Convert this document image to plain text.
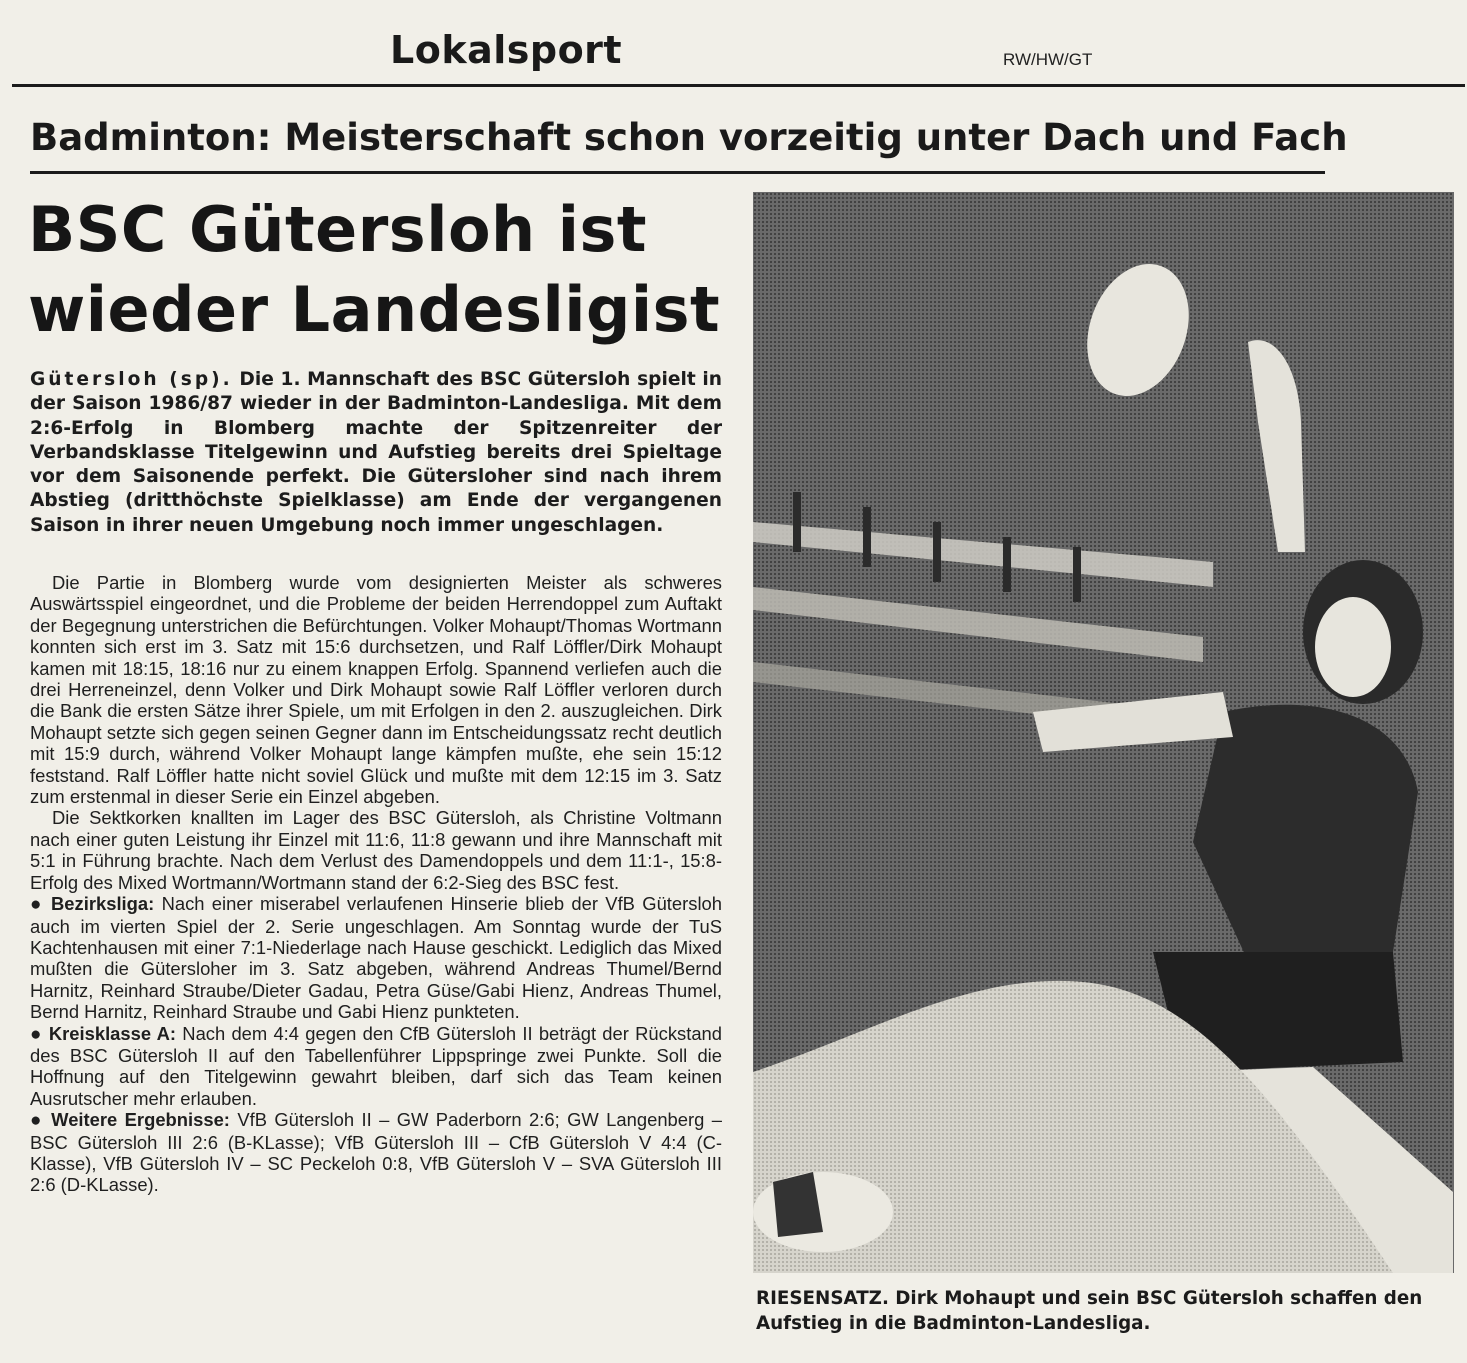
Lokalsport	RW/HW/GT
Badminton: Meisterschaft schon vorzeitig unter Dach und Fach
BSC Gütersloh ist
wieder Landesligist
Gütersloh (sp). Die 1. Mannschaft des BSC Gütersloh spielt in der Saison 1986/87 wieder in der Badminton-Landesliga. Mit dem 2:6-Erfolg in Blomberg machte der Spitzenreiter der Verbandsklasse Titelgewinn und Aufstieg bereits drei Spieltage vor dem Saisonende perfekt. Die Gütersloher sind nach ihrem Abstieg (dritthöchste Spielklasse) am Ende der vergangenen Saison in ihrer neuen Umgebung noch immer ungeschlagen.

Die Partie in Blomberg wurde vom designierten Meister als schweres Auswärtsspiel eingeordnet, und die Probleme der beiden Herrendoppel zum Auftakt der Begegnung unterstrichen die Befürchtungen. Volker Mohaupt/Thomas Wortmann konnten sich erst im 3. Satz mit 15:6 durchsetzen, und Ralf Löffler/Dirk Mohaupt kamen mit 18:15, 18:16 nur zu einem knappen Erfolg. Spannend verliefen auch die drei Herreneinzel, denn Volker und Dirk Mohaupt sowie Ralf Löffler verloren durch die Bank die ersten Sätze ihrer Spiele, um mit Erfolgen in den 2. auszugleichen. Dirk Mohaupt setzte sich gegen seinen Gegner dann im Entscheidungssatz recht deutlich mit 15:9 durch, während Volker Mohaupt lange kämpfen mußte, ehe sein 15:12 feststand. Ralf Löffler hatte nicht soviel Glück und mußte mit dem 12:15 im 3. Satz zum erstenmal in dieser Serie ein Einzel abgeben.

Die Sektkorken knallten im Lager des BSC Gütersloh, als Christine Voltmann nach einer guten Leistung ihr Einzel mit 11:6, 11:8 gewann und ihre Mannschaft mit 5:1 in Führung brachte. Nach dem Verlust des Damendoppels und dem 11:1-, 15:8-Erfolg des Mixed Wortmann/Wortmann stand der 6:2-Sieg des BSC fest.

● Bezirksliga: Nach einer miserabel verlaufenen Hinserie blieb der VfB Gütersloh auch im vierten Spiel der 2. Serie ungeschlagen. Am Sonntag wurde der TuS Kachtenhausen mit einer 7:1-Niederlage nach Hause geschickt. Lediglich das Mixed mußten die Gütersloher im 3. Satz abgeben, während Andreas Thumel/Bernd Harnitz, Reinhard Straube/Dieter Gadau, Petra Güse/Gabi Hienz, Andreas Thumel, Bernd Harnitz, Reinhard Straube und Gabi Hienz punkteten.

● Kreisklasse A: Nach dem 4:4 gegen den CfB Gütersloh II beträgt der Rückstand des BSC Gütersloh II auf den Tabellenführer Lippspringe zwei Punkte. Soll die Hoffnung auf den Titelgewinn gewahrt bleiben, darf sich das Team keinen Ausrutscher mehr erlauben.

● Weitere Ergebnisse: VfB Gütersloh II – GW Paderborn 2:6; GW Langenberg – BSC Gütersloh III 2:6 (B-KLasse); VfB Gütersloh III – CfB Gütersloh V 4:4 (C-Klasse), VfB Gütersloh IV – SC Peckeloh 0:8, VfB Gütersloh V – SVA Gütersloh III 2:6 (D-KLasse).

RIESENSATZ. Dirk Mohaupt und sein BSC Gütersloh schaffen den Aufstieg in die Badminton-Landesliga.
